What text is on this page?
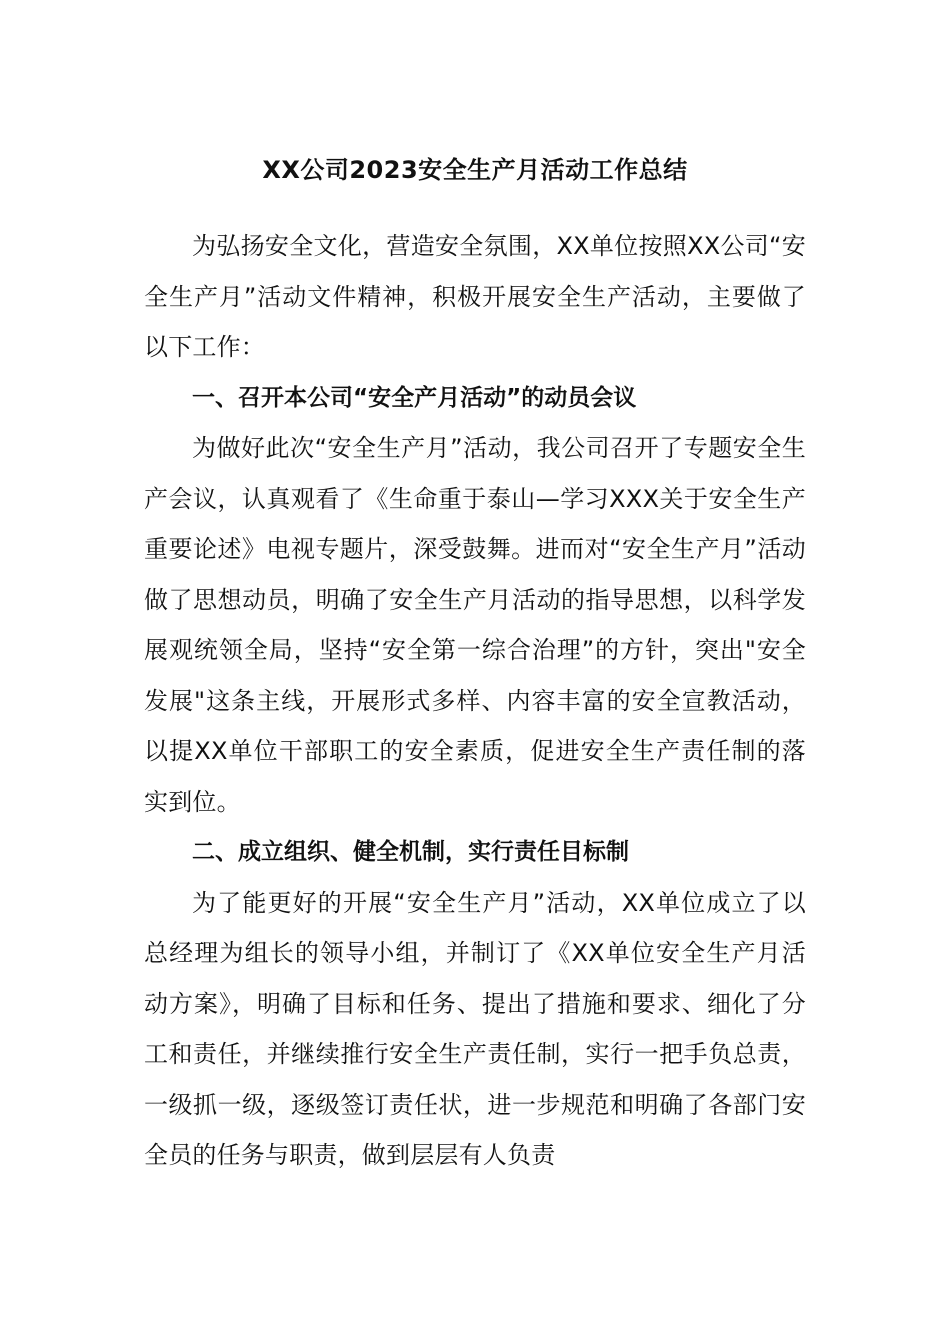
XX公司2023安全生产月活动工作总结

为弘扬安全文化，营造安全氛围，XX单位按照XX公司“安全生产月”活动文件精神，积极开展安全生产活动，主要做了以下工作：

一、召开本公司“安全产月活动”的动员会议

为做好此次“安全生产月”活动，我公司召开了专题安全生产会议，认真观看了《生命重于泰山—学习XXX关于安全生产重要论述》电视专题片，深受鼓舞。进而对“安全生产月”活动做了思想动员，明确了安全生产月活动的指导思想，以科学发展观统领全局，坚持“安全第一综合治理”的方针，突出"安全发展"这条主线，开展形式多样、内容丰富的安全宣教活动，以提XX单位干部职工的安全素质，促进安全生产责任制的落实到位。

二、成立组织、健全机制，实行责任目标制

为了能更好的开展“安全生产月”活动，XX单位成立了以总经理为组长的领导小组，并制订了《XX单位安全生产月活动方案》，明确了目标和任务、提出了措施和要求、细化了分工和责任，并继续推行安全生产责任制，实行一把手负总责，一级抓一级，逐级签订责任状，进一步规范和明确了各部门安全员的任务与职责，做到层层有人负责
